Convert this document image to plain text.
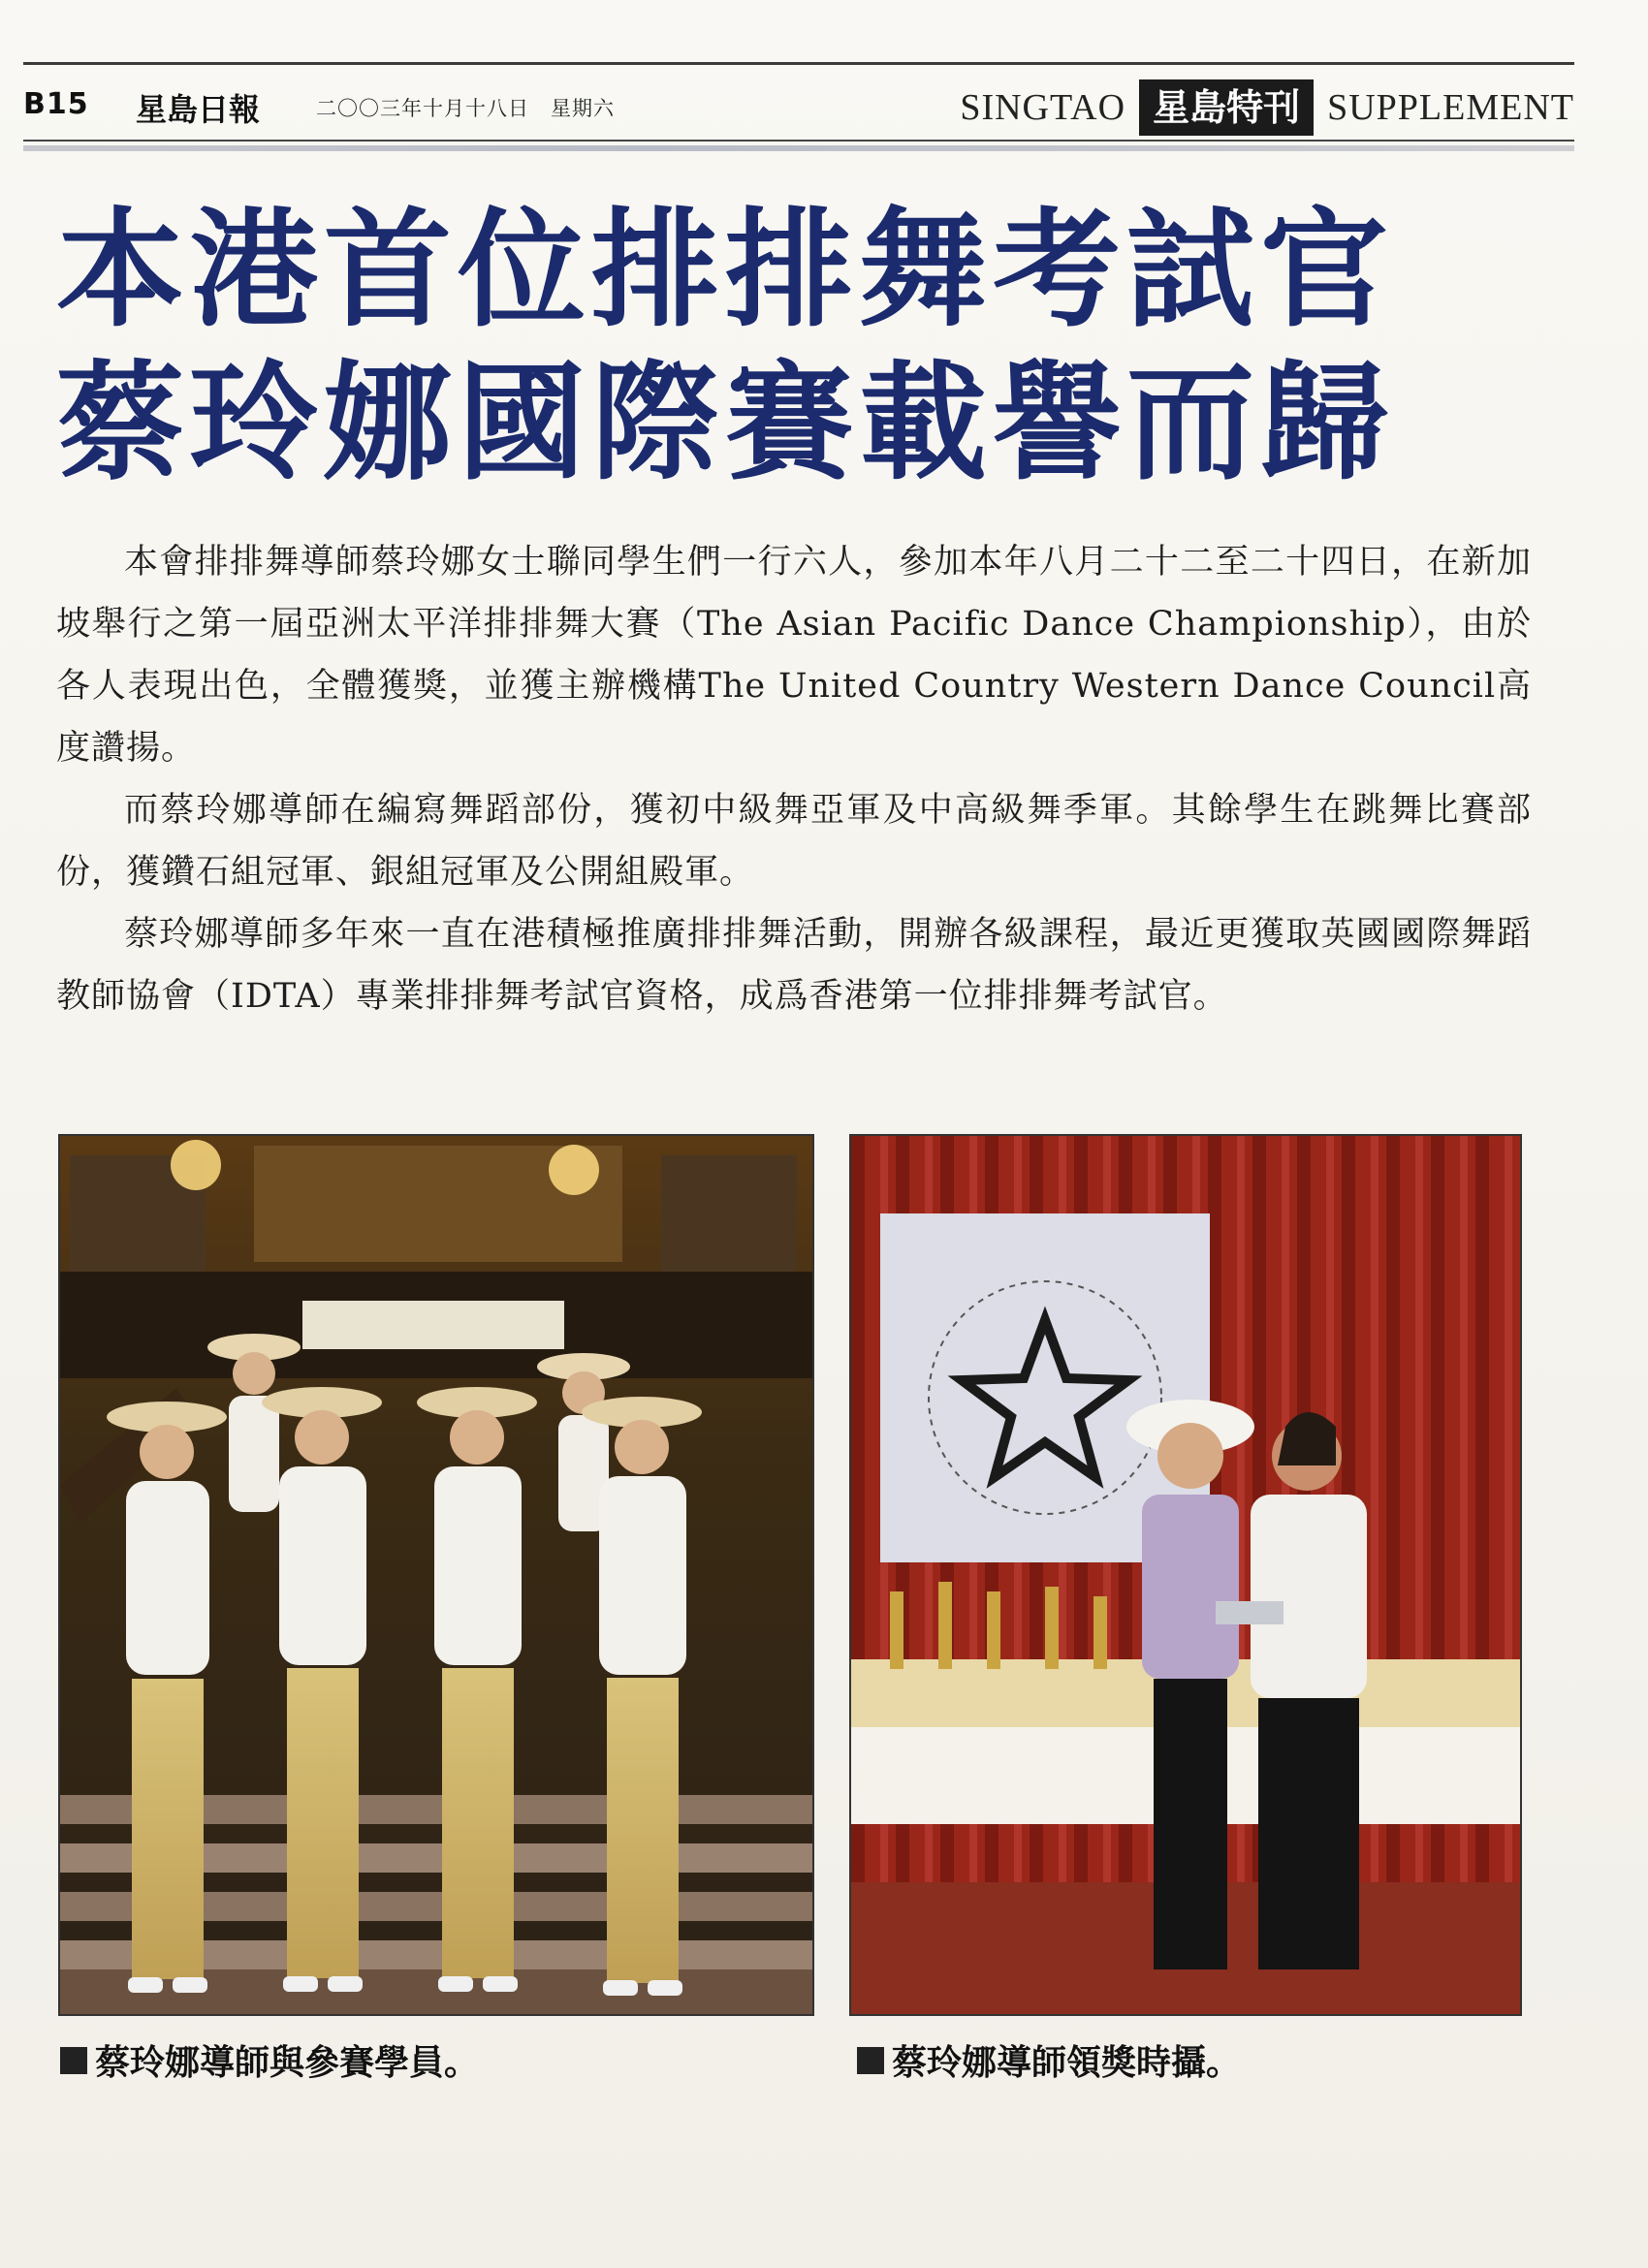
B15 星島日報	二〇〇三年十月十八日　星期六	SINGTAO 星島特刊 SUPPLEMENT
本港首位排排舞考試官
蔡玲娜國際賽載譽而歸

本會排排舞導師蔡玲娜女士聯同學生們一行六人，參加本年八月二十二至二十四日，在新加坡舉行之第一屆亞洲太平洋排排舞大賽（The Asian Pacific Dance Championship），由於各人表現出色，全體獲獎，並獲主辦機構The United Country Western Dance Council高度讚揚。

而蔡玲娜導師在編寫舞蹈部份，獲初中級舞亞軍及中高級舞季軍。其餘學生在跳舞比賽部份，獲鑽石組冠軍、銀組冠軍及公開組殿軍。

蔡玲娜導師多年來一直在港積極推廣排排舞活動，開辦各級課程，最近更獲取英國國際舞蹈教師協會（IDTA）專業排排舞考試官資格，成爲香港第一位排排舞考試官。

蔡玲娜導師與參賽學員。	蔡玲娜導師領獎時攝。
